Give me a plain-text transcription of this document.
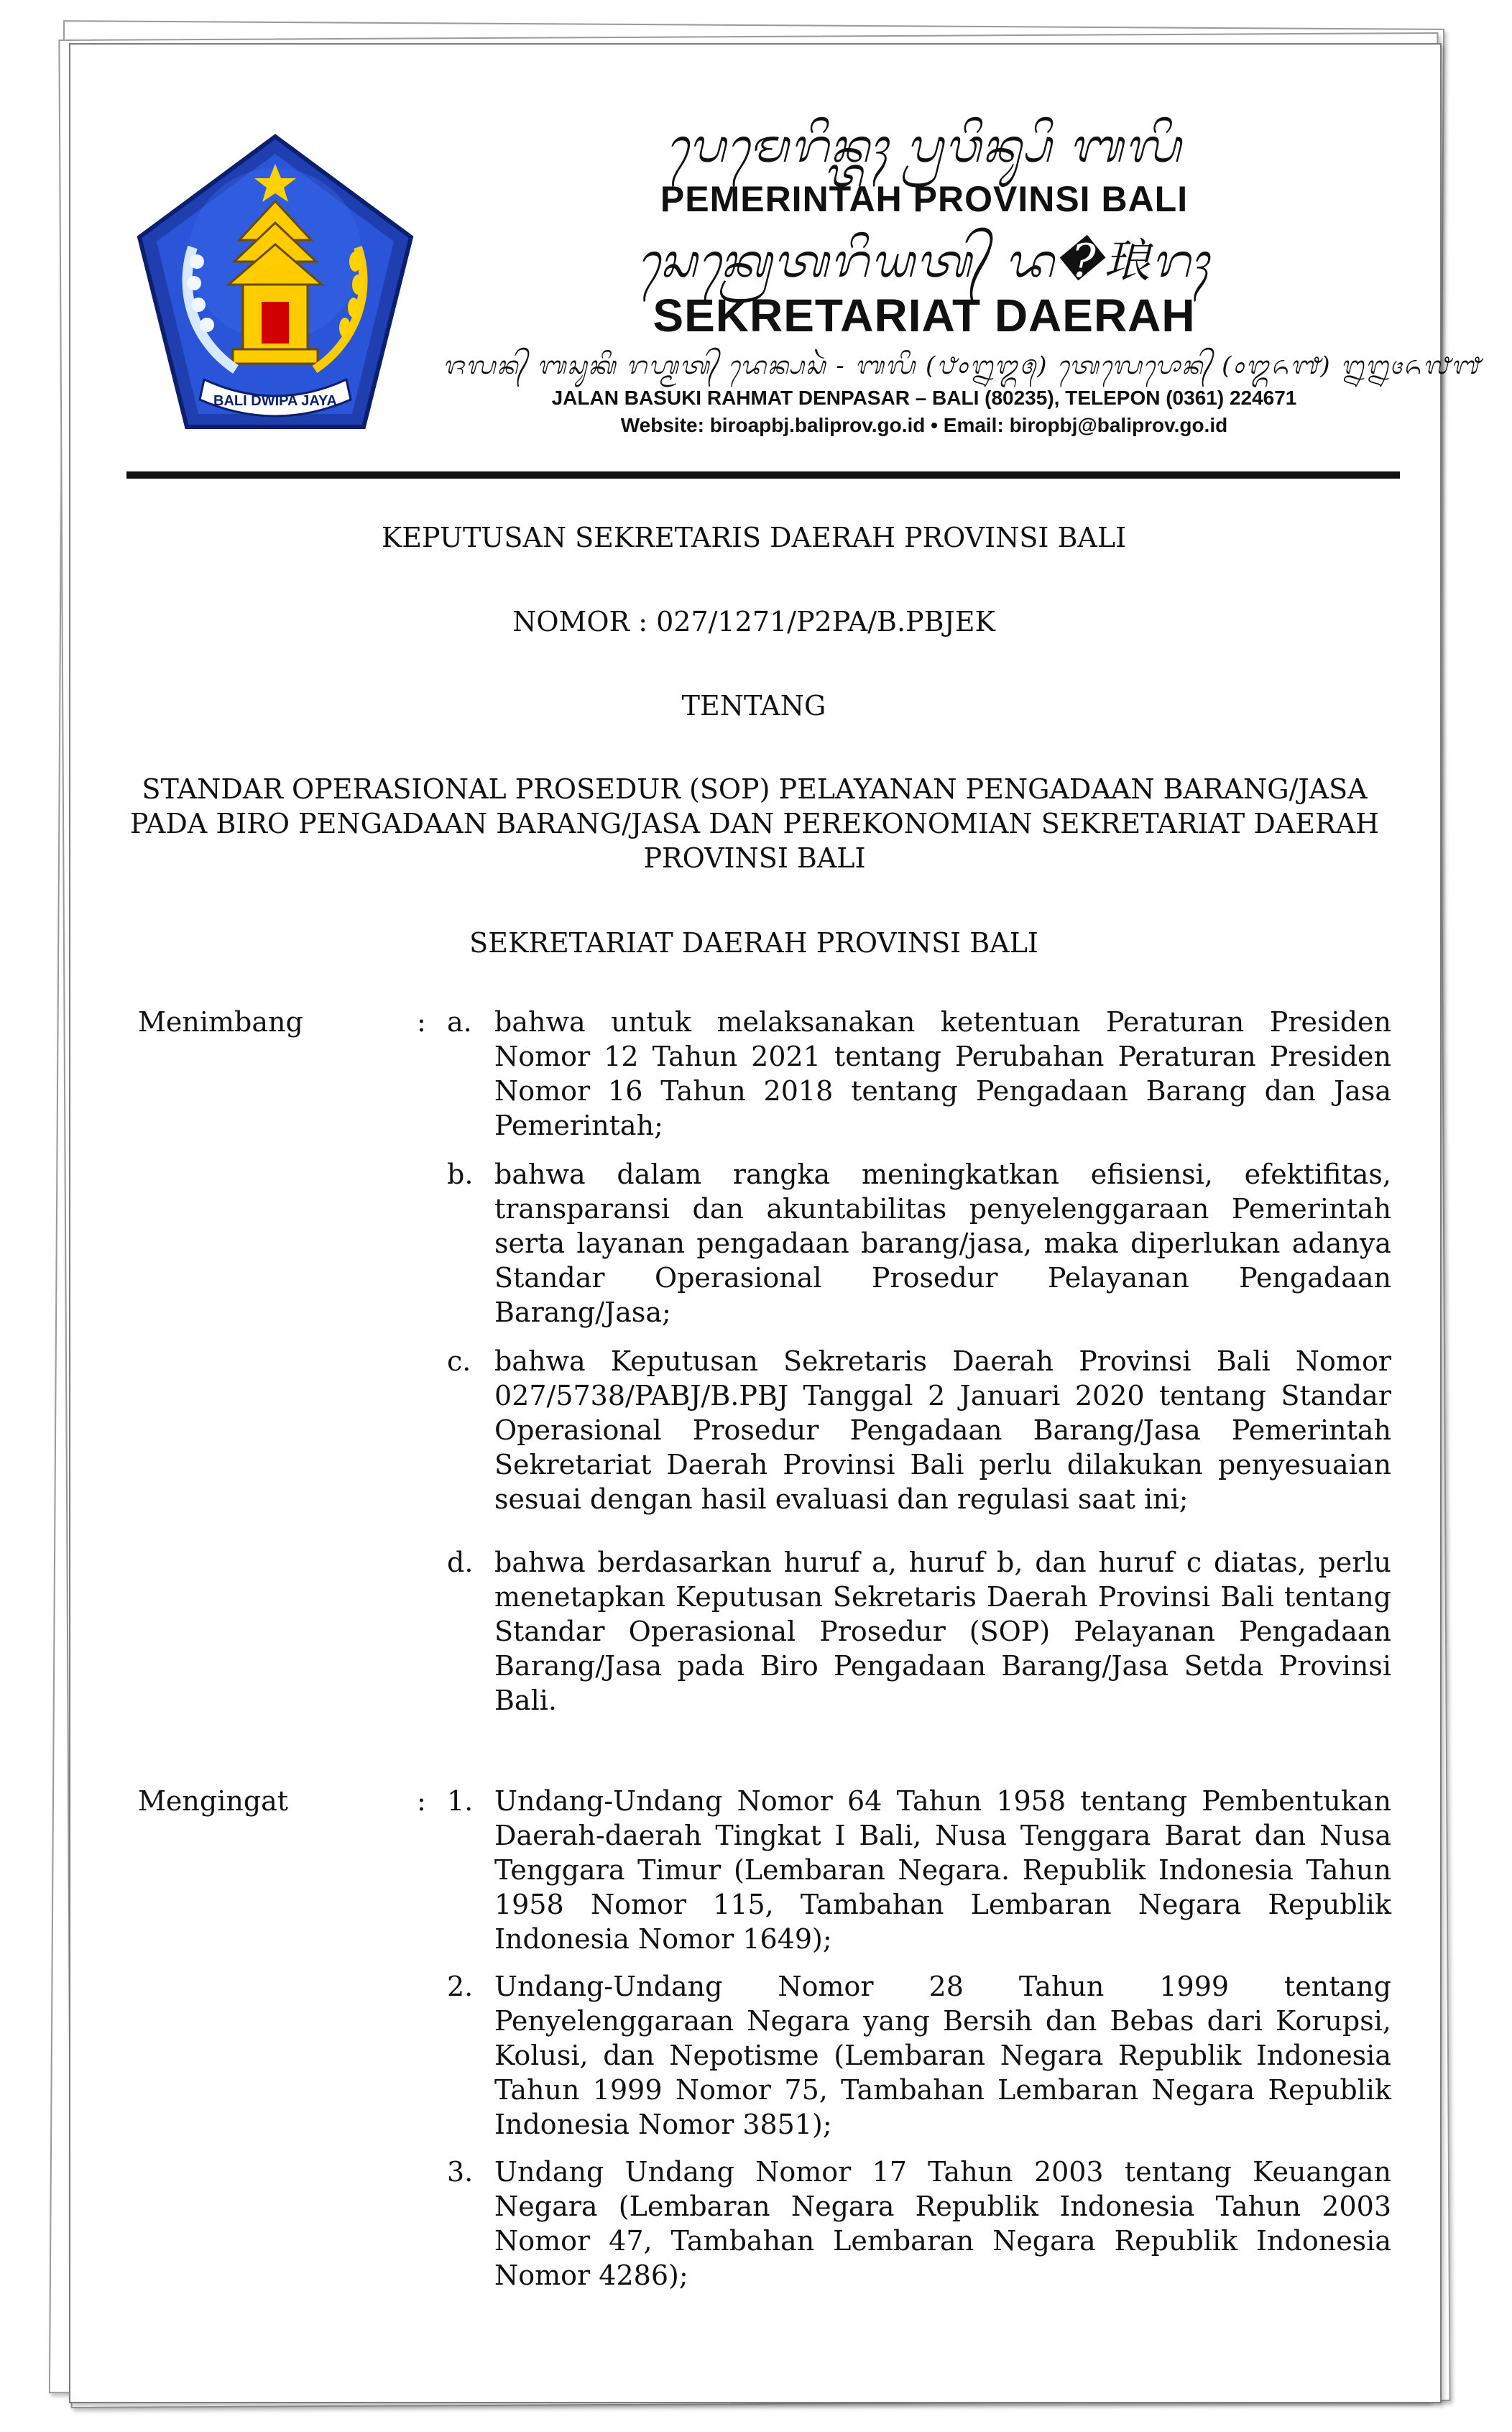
BALI DWIPA JAYA
ᬧᬾᬫᬾᬭᬶᬦ᭄ᬢᬄ ᬧ᭄ᬭᬯᬶᬦ᭄ᬲᬶ ᬩᬮᬶ
PEMERINTAH PROVINSI BALI
ᬲᬾᬓ᭄ᬭᬾᬢᬭᬶᬬᬢ᭄ ᬤ�琅ᬭᬄ
SEKRETARIAT DAERAH
ᬚᬮᬦ᭄ ᬩᬲᬸᬓᬶ ᬭᬳ᭄ᬫᬢ᭄ ᬤᬾᬦ᭄ᬧᬲᬃ - ᬩᬮᬶ (᭘᭐᭒᭓᭕) ᬢᬾᬮᬾᬧᭀᬦ᭄ (᭐᭓᭖᭑) ᭒᭒᭔᭖᭗᭑
JALAN BASUKI RAHMAT DENPASAR – BALI (80235), TELEPON (0361) 224671
Website: biroapbj.baliprov.go.id • Email: biropbj@baliprov.go.id
KEPUTUSAN SEKRETARIS DAERAH PROVINSI BALI
NOMOR : 027/1271/P2PA/B.PBJEK
TENTANG
STANDAR OPERASIONAL PROSEDUR (SOP) PELAYANAN PENGADAAN BARANG/JASA PADA BIRO PENGADAAN BARANG/JASA DAN PEREKONOMIAN SEKRETARIAT DAERAH PROVINSI BALI
SEKRETARIAT DAERAH PROVINSI BALI
Menimbang	: a. bahwa untuk melaksanakan ketentuan Peraturan Presiden Nomor 12 Tahun 2021 tentang Perubahan Peraturan Presiden Nomor 16 Tahun 2018 tentang Pengadaan Barang dan Jasa Pemerintah;
b. bahwa dalam rangka meningkatkan efisiensi, efektifitas, transparansi dan akuntabilitas penyelenggaraan Pemerintah serta layanan pengadaan barang/jasa, maka diperlukan adanya Standar Operasional Prosedur Pelayanan Pengadaan Barang/Jasa;
c. bahwa Keputusan Sekretaris Daerah Provinsi Bali Nomor 027/5738/PABJ/B.PBJ Tanggal 2 Januari 2020 tentang Standar Operasional Prosedur Pengadaan Barang/Jasa Pemerintah Sekretariat Daerah Provinsi Bali perlu dilakukan penyesuaian sesuai dengan hasil evaluasi dan regulasi saat ini;
d. bahwa berdasarkan huruf a, huruf b, dan huruf c diatas, perlu menetapkan Keputusan Sekretaris Daerah Provinsi Bali tentang Standar Operasional Prosedur (SOP) Pelayanan Pengadaan Barang/Jasa pada Biro Pengadaan Barang/Jasa Setda Provinsi Bali.
Mengingat	: 1. Undang-Undang Nomor 64 Tahun 1958 tentang Pembentukan Daerah-daerah Tingkat I Bali, Nusa Tenggara Barat dan Nusa Tenggara Timur (Lembaran Negara. Republik Indonesia Tahun 1958 Nomor 115, Tambahan Lembaran Negara Republik Indonesia Nomor 1649);
2. Undang-Undang Nomor 28 Tahun 1999 tentang Penyelenggaraan Negara yang Bersih dan Bebas dari Korupsi, Kolusi, dan Nepotisme (Lembaran Negara Republik Indonesia Tahun 1999 Nomor 75, Tambahan Lembaran Negara Republik Indonesia Nomor 3851);
3. Undang Undang Nomor 17 Tahun 2003 tentang Keuangan Negara (Lembaran Negara Republik Indonesia Tahun 2003 Nomor 47, Tambahan Lembaran Negara Republik Indonesia Nomor 4286);
